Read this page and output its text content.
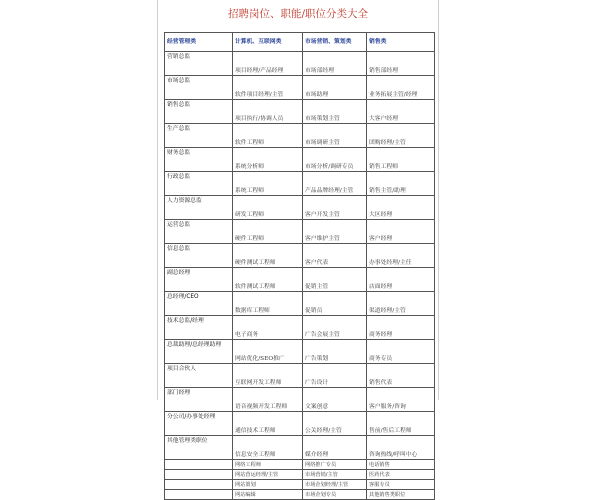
招聘岗位、职能/职位分类大全
经营管理类	计算机、互联网类	市场营销、策划类	销售类
营销总监	项目经理/产品经理	市场部经理	销售部经理
市场总监	软件项目经理/主管	市场助理	业务拓展主管/经理
销售总监	项目执行/协调人员	市场策划主管	大客户经理
生产总监	软件工程师	市场调研主管	团购经理/主管
财务总监	系统分析师	市场分析/调研专员	销售工程师
行政总监	系统工程师	产品品牌经理/主管	销售主管/助理
人力资源总监	研发工程师	客户开发主管	大区经理
运营总监	硬件工程师	客户维护主管	客户经理
信息总监	硬件测试工程师	客户代表	办事处经理/主任
副总经理	软件测试工程师	促销主管	店面经理
总经理/CEO	数据库工程师	促销员	渠道经理/主管
技术总监/经理	电子商务	广告会展主管	商务经理
总裁助理/总经理助理	网站优化/SEO推广	广告策划	商务专员
项目合伙人	互联网开发工程师	广告设计	销售代表
部门经理	语音视频开发工程师	文案创意	客户服务/咨询
分公司/办事处经理	通信技术工程师	公关经理/主管	售前/售后工程师
其他管理类职位	信息安全工程师	媒介经理	咨询热线/呼叫中心
	网络工程师	网络推广专员	电话销售
	网站营运经理/主管	市场营销/主管	医药代表
	网站策划	市场企划经理/主管	客服专员
	网站编辑	市场企划专员	其他销售类职位
